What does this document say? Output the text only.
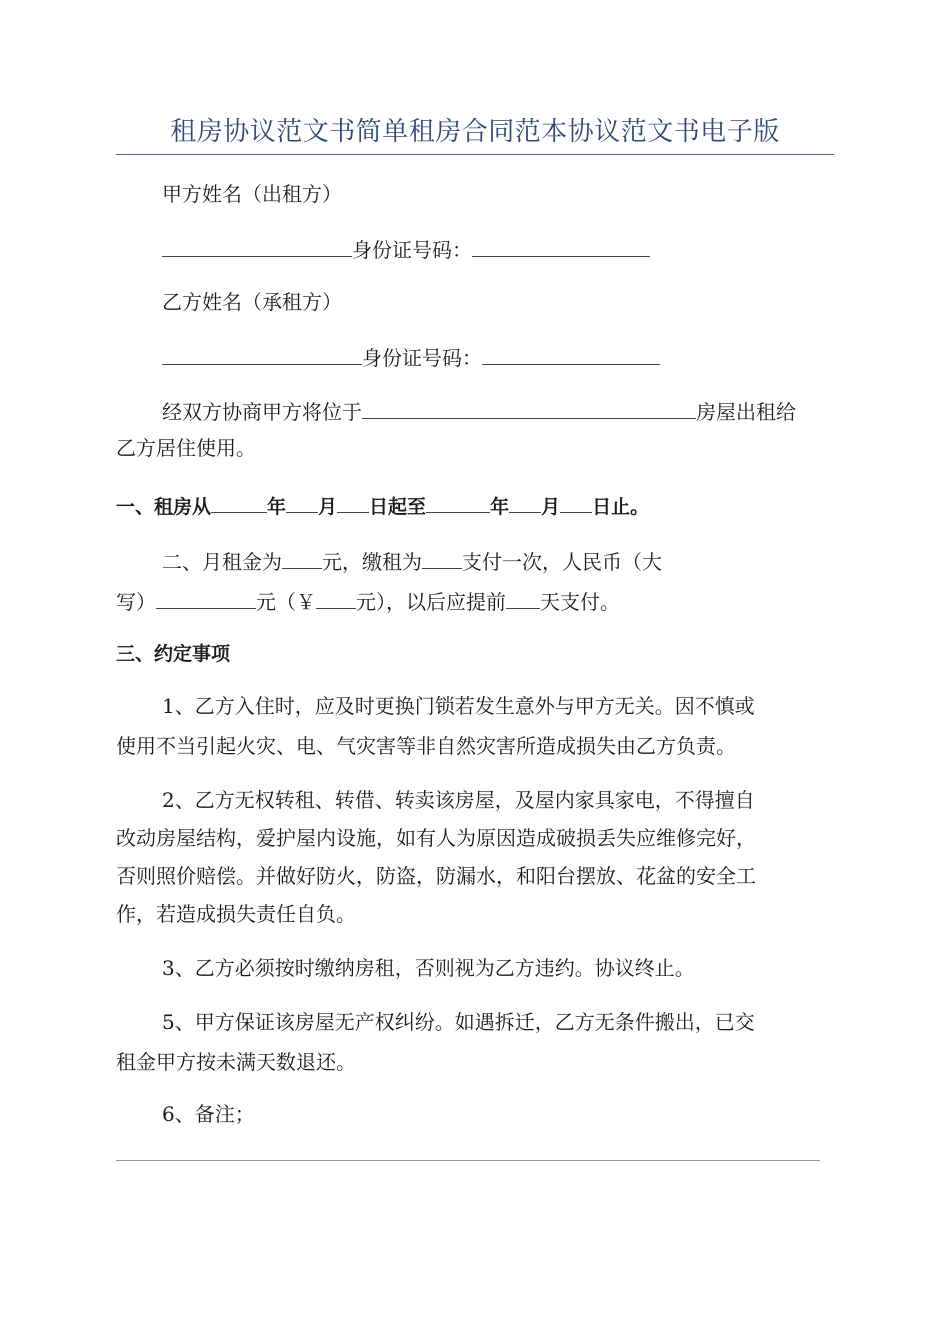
租房协议范文书简单租房合同范本协议范文书电子版
甲方姓名（出租方）
身份证号码：
乙方姓名（承租方）
身份证号码：
经双方协商甲方将位于	房屋出租给
乙方居住使用。
一、租房从	年 月 日起至	年 月 日止。
二、月租金为 元，缴租为 支付一次，人民币（大
写）	元（￥ 元），以后应提前 天支付。
三、约定事项
1、乙方入住时，应及时更换门锁若发生意外与甲方无关。因不慎或
使用不当引起火灾、电、气灾害等非自然灾害所造成损失由乙方负责。
2、乙方无权转租、转借、转卖该房屋，及屋内家具家电，不得擅自
改动房屋结构，爱护屋内设施，如有人为原因造成破损丢失应维修完好，
否则照价赔偿。并做好防火，防盗，防漏水，和阳台摆放、花盆的安全工
作，若造成损失责任自负。
3、乙方必须按时缴纳房租，否则视为乙方违约。协议终止。
5、甲方保证该房屋无产权纠纷。如遇拆迁，乙方无条件搬出，已交
租金甲方按未满天数退还。
6、备注；
